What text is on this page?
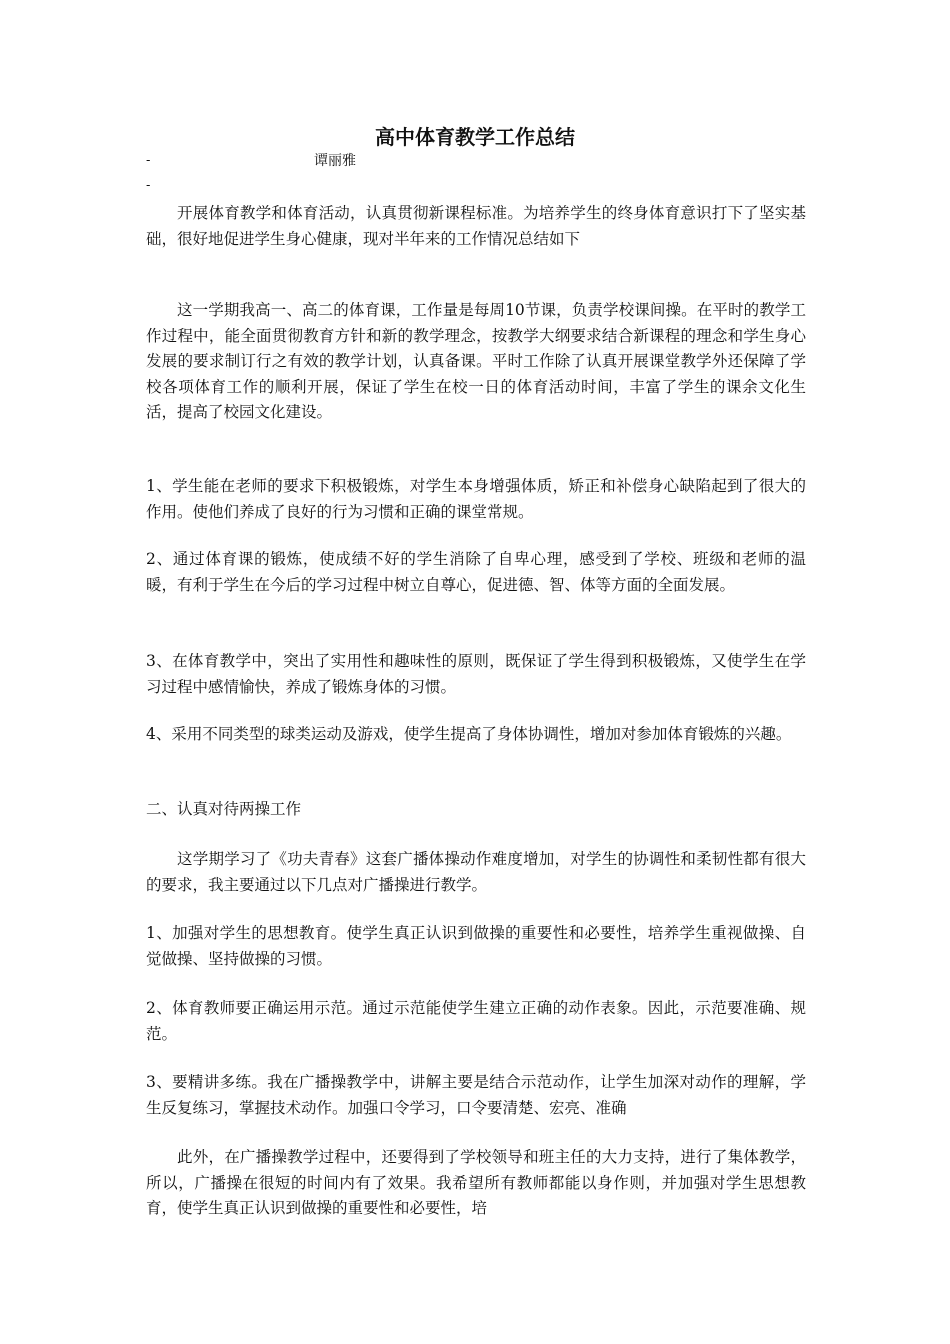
高中体育教学工作总结
-	谭丽雅
-

开展体育教学和体育活动，认真贯彻新课程标准。为培养学生的终身体育意识打下了坚实基础，很好地促进学生身心健康，现对半年来的工作情况总结如下

这一学期我高一、高二的体育课，工作量是每周10节课，负责学校课间操。在平时的教学工作过程中，能全面贯彻教育方针和新的教学理念，按教学大纲要求结合新课程的理念和学生身心发展的要求制订行之有效的教学计划，认真备课。平时工作除了认真开展课堂教学外还保障了学校各项体育工作的顺利开展，保证了学生在校一日的体育活动时间，丰富了学生的课余文化生活，提高了校园文化建设。

1、学生能在老师的要求下积极锻炼，对学生本身增强体质，矫正和补偿身心缺陷起到了很大的作用。使他们养成了良好的行为习惯和正确的课堂常规。

2、通过体育课的锻炼，使成绩不好的学生消除了自卑心理，感受到了学校、班级和老师的温暖，有利于学生在今后的学习过程中树立自尊心，促进德、智、体等方面的全面发展。

3、在体育教学中，突出了实用性和趣味性的原则，既保证了学生得到积极锻炼，又使学生在学习过程中感情愉快，养成了锻炼身体的习惯。

4、采用不同类型的球类运动及游戏，使学生提高了身体协调性，增加对参加体育锻炼的兴趣。

二、认真对待两操工作

这学期学习了《功夫青春》这套广播体操动作难度增加，对学生的协调性和柔韧性都有很大的要求，我主要通过以下几点对广播操进行教学。

1、加强对学生的思想教育。使学生真正认识到做操的重要性和必要性，培养学生重视做操、自觉做操、坚持做操的习惯。

2、体育教师要正确运用示范。通过示范能使学生建立正确的动作表象。因此，示范要准确、规范。

3、要精讲多练。我在广播操教学中，讲解主要是结合示范动作，让学生加深对动作的理解，学生反复练习，掌握技术动作。加强口令学习，口令要清楚、宏亮、准确

此外，在广播操教学过程中，还要得到了学校领导和班主任的大力支持，进行了集体教学，所以，广播操在很短的时间内有了效果。我希望所有教师都能以身作则，并加强对学生思想教育，使学生真正认识到做操的重要性和必要性，培
